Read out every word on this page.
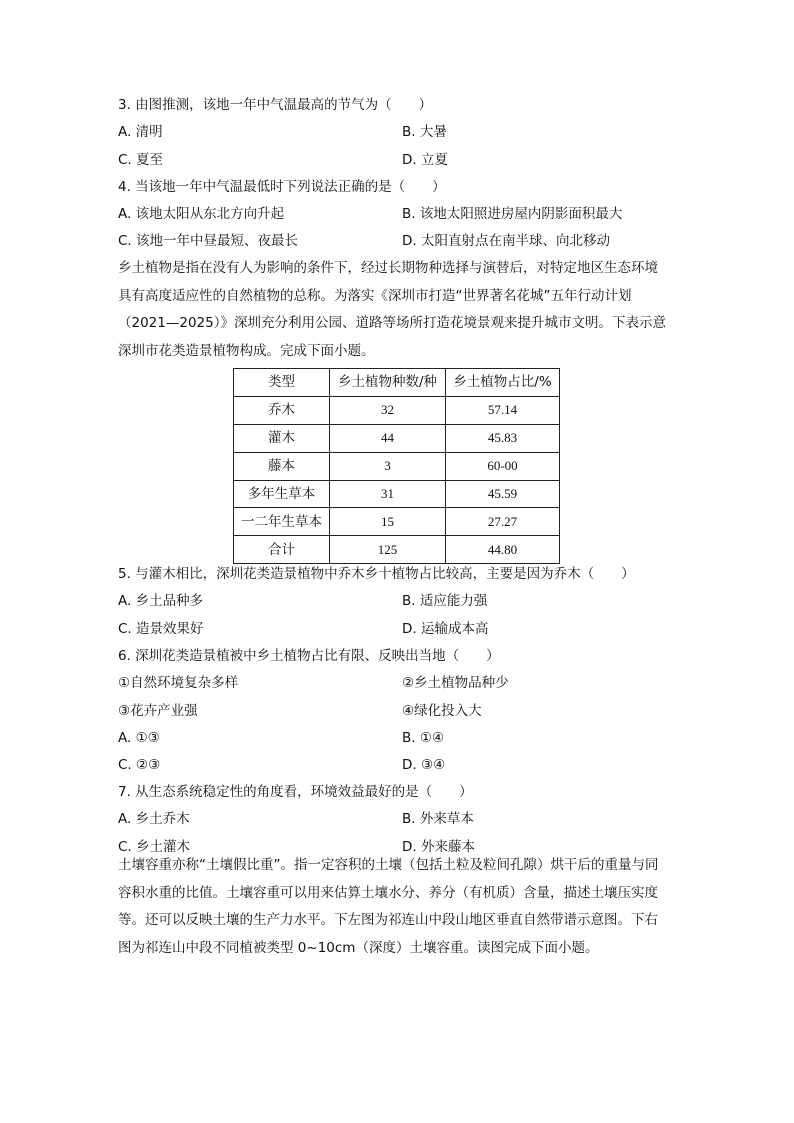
3. 由图推测，该地一年中气温最高的节气为（　　）
A. 清明	B. 大暑
C. 夏至	D. 立夏
4. 当该地一年中气温最低时下列说法正确的是（　　）
A. 该地太阳从东北方向升起	B. 该地太阳照进房屋内阴影面积最大
C. 该地一年中昼最短、夜最长	D. 太阳直射点在南半球、向北移动
乡土植物是指在没有人为影响的条件下，经过长期物种选择与演替后，对特定地区生态环境
具有高度适应性的自然植物的总称。为落实《深圳市打造“世界著名花城”五年行动计划
（2021—2025）》深圳充分利用公园、道路等场所打造花境景观来提升城市文明。下表示意
深圳市花类造景植物构成。完成下面小题。
类型	乡土植物种数/种	乡土植物占比/%
乔木	32	57.14
灌木	44	45.83
藤本	3	60-00
多年生草本	31	45.59
一二年生草本	15	27.27
合计	125	44.80
5. 与灌木相比，深圳花类造景植物中乔木乡十植物占比较高，主要是因为乔木（　　）
A. 乡土品种多	B. 适应能力强
C. 造景效果好	D. 运输成本高
6. 深圳花类造景植被中乡土植物占比有限、反映出当地（　　）
①自然环境复杂多样	②乡土植物品种少
③花卉产业强	④绿化投入大
A. ①③	B. ①④
C. ②③	D. ③④
7. 从生态系统稳定性的角度看，环境效益最好的是（　　）
A. 乡土乔木	B. 外来草本
C. 乡土灌木	D. 外来藤本
土壤容重亦称“土壤假比重”。指一定容积的土壤（包括土粒及粒间孔隙）烘干后的重量与同
容积水重的比值。土壤容重可以用来估算土壤水分、养分（有机质）含量，描述土壤压实度
等。还可以反映土壤的生产力水平。下左图为祁连山中段山地区垂直自然带谱示意图。下右
图为祁连山中段不同植被类型 0~10cm（深度）土壤容重。读图完成下面小题。
